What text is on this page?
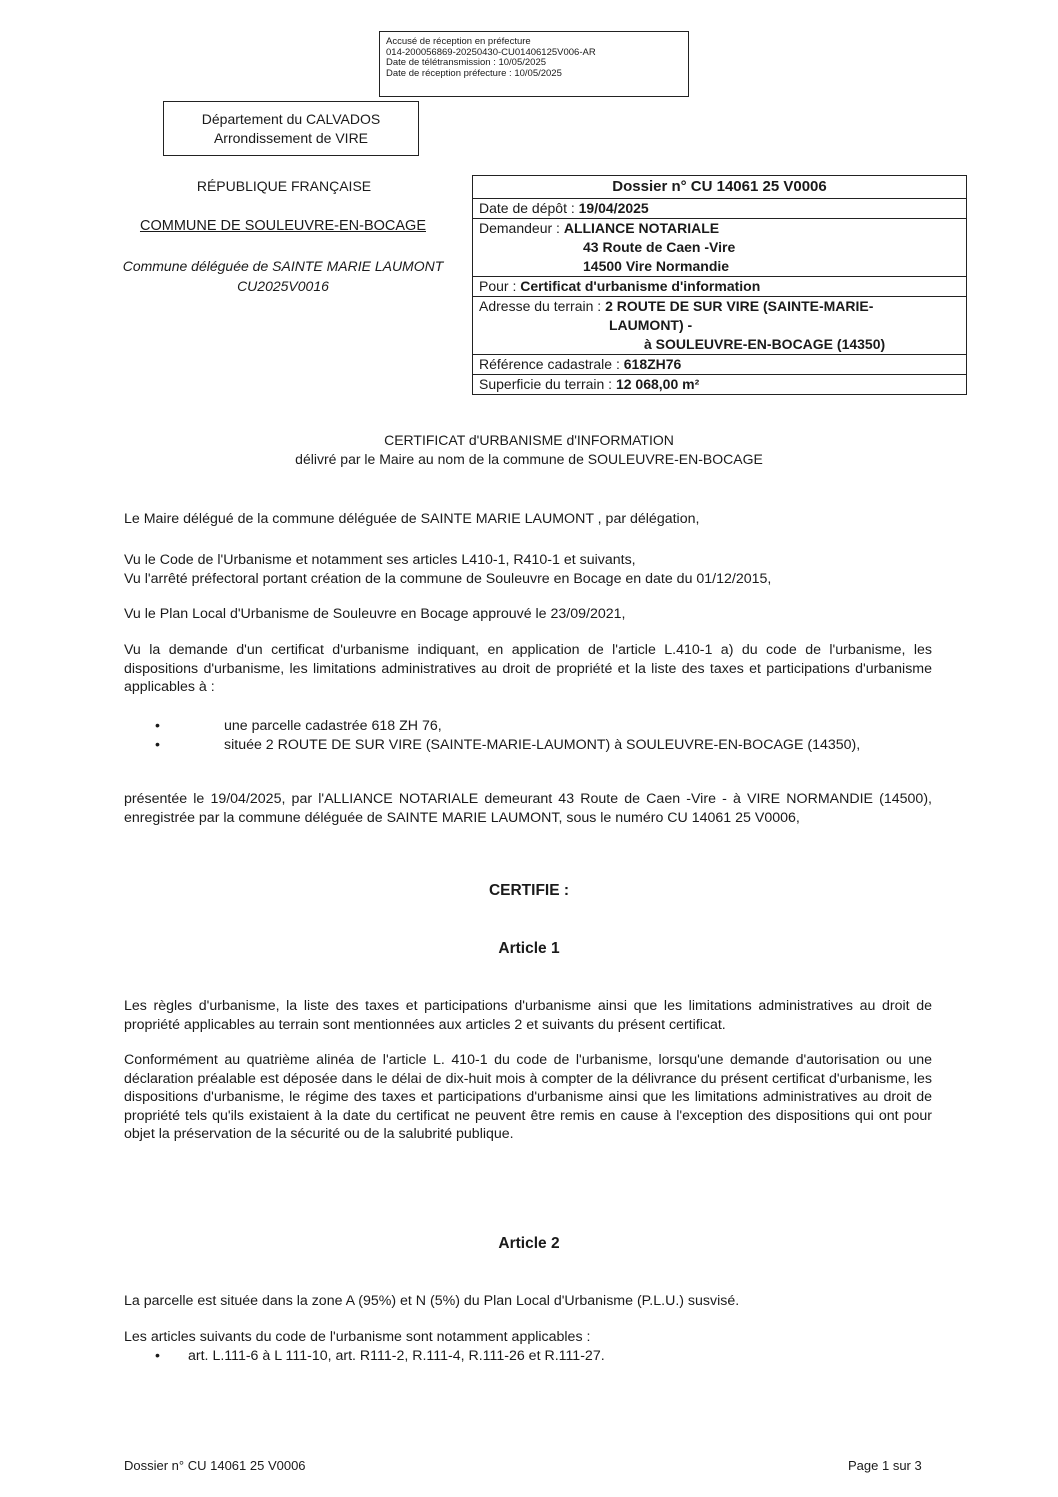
Accusé de réception en préfecture
014-200056869-20250430-CU01406125V006-AR
Date de télétransmission : 10/05/2025
Date de réception préfecture : 10/05/2025
Département du CALVADOS
Arrondissement de VIRE
RÉPUBLIQUE FRANÇAISE
COMMUNE DE SOULEUVRE-EN-BOCAGE
Commune déléguée de SAINTE MARIE LAUMONT
CU2025V0016
Dossier n° CU 14061 25 V0006
Date de dépôt : 19/04/2025
Demandeur : ALLIANCE NOTARIALE
43 Route de Caen -Vire
14500 Vire Normandie
Pour : Certificat d'urbanisme d'information
Adresse du terrain : 2 ROUTE DE SUR VIRE (SAINTE-MARIE-
LAUMONT) -
à SOULEUVRE-EN-BOCAGE (14350)
Référence cadastrale : 618ZH76
Superficie du terrain : 12 068,00 m²
CERTIFICAT d'URBANISME d'INFORMATION
délivré par le Maire au nom de la commune de SOULEUVRE-EN-BOCAGE
Le Maire délégué de la commune déléguée de SAINTE MARIE LAUMONT , par délégation,
Vu le Code de l'Urbanisme et notamment ses articles L410-1, R410-1 et suivants,
Vu l'arrêté préfectoral portant création de la commune de Souleuvre en Bocage en date du 01/12/2015,
Vu le Plan Local d'Urbanisme de Souleuvre en Bocage approuvé le 23/09/2021,
Vu la demande d'un certificat d'urbanisme indiquant, en application de l'article L.410-1 a) du code de l'urbanisme, les dispositions d'urbanisme, les limitations administratives au droit de propriété et la liste des taxes et participations d'urbanisme applicables à :
•	une parcelle cadastrée 618 ZH 76,
•	située 2 ROUTE DE SUR VIRE (SAINTE-MARIE-LAUMONT) à SOULEUVRE-EN-BOCAGE (14350),
présentée le 19/04/2025, par l'ALLIANCE NOTARIALE demeurant 43 Route de Caen -Vire - à VIRE NORMANDIE (14500), enregistrée par la commune déléguée de SAINTE MARIE LAUMONT, sous le numéro CU 14061 25 V0006,
CERTIFIE :
Article 1
Les règles d'urbanisme, la liste des taxes et participations d'urbanisme ainsi que les limitations administratives au droit de propriété applicables au terrain sont mentionnées aux articles 2 et suivants du présent certificat.
Conformément au quatrième alinéa de l'article L. 410-1 du code de l'urbanisme, lorsqu'une demande d'autorisation ou une déclaration préalable est déposée dans le délai de dix-huit mois à compter de la délivrance du présent certificat d'urbanisme, les dispositions d'urbanisme, le régime des taxes et participations d'urbanisme ainsi que les limitations administratives au droit de propriété tels qu'ils existaient à la date du certificat ne peuvent être remis en cause à l'exception des dispositions qui ont pour objet la préservation de la sécurité ou de la salubrité publique.
Article 2
La parcelle est située dans la zone A (95%) et N (5%) du Plan Local d'Urbanisme (P.L.U.) susvisé.
Les articles suivants du code de l'urbanisme sont notamment applicables :
•	art. L.111-6 à L 111-10, art. R111-2, R.111-4, R.111-26 et R.111-27.
Dossier n° CU 14061 25 V0006	Page 1 sur 3
